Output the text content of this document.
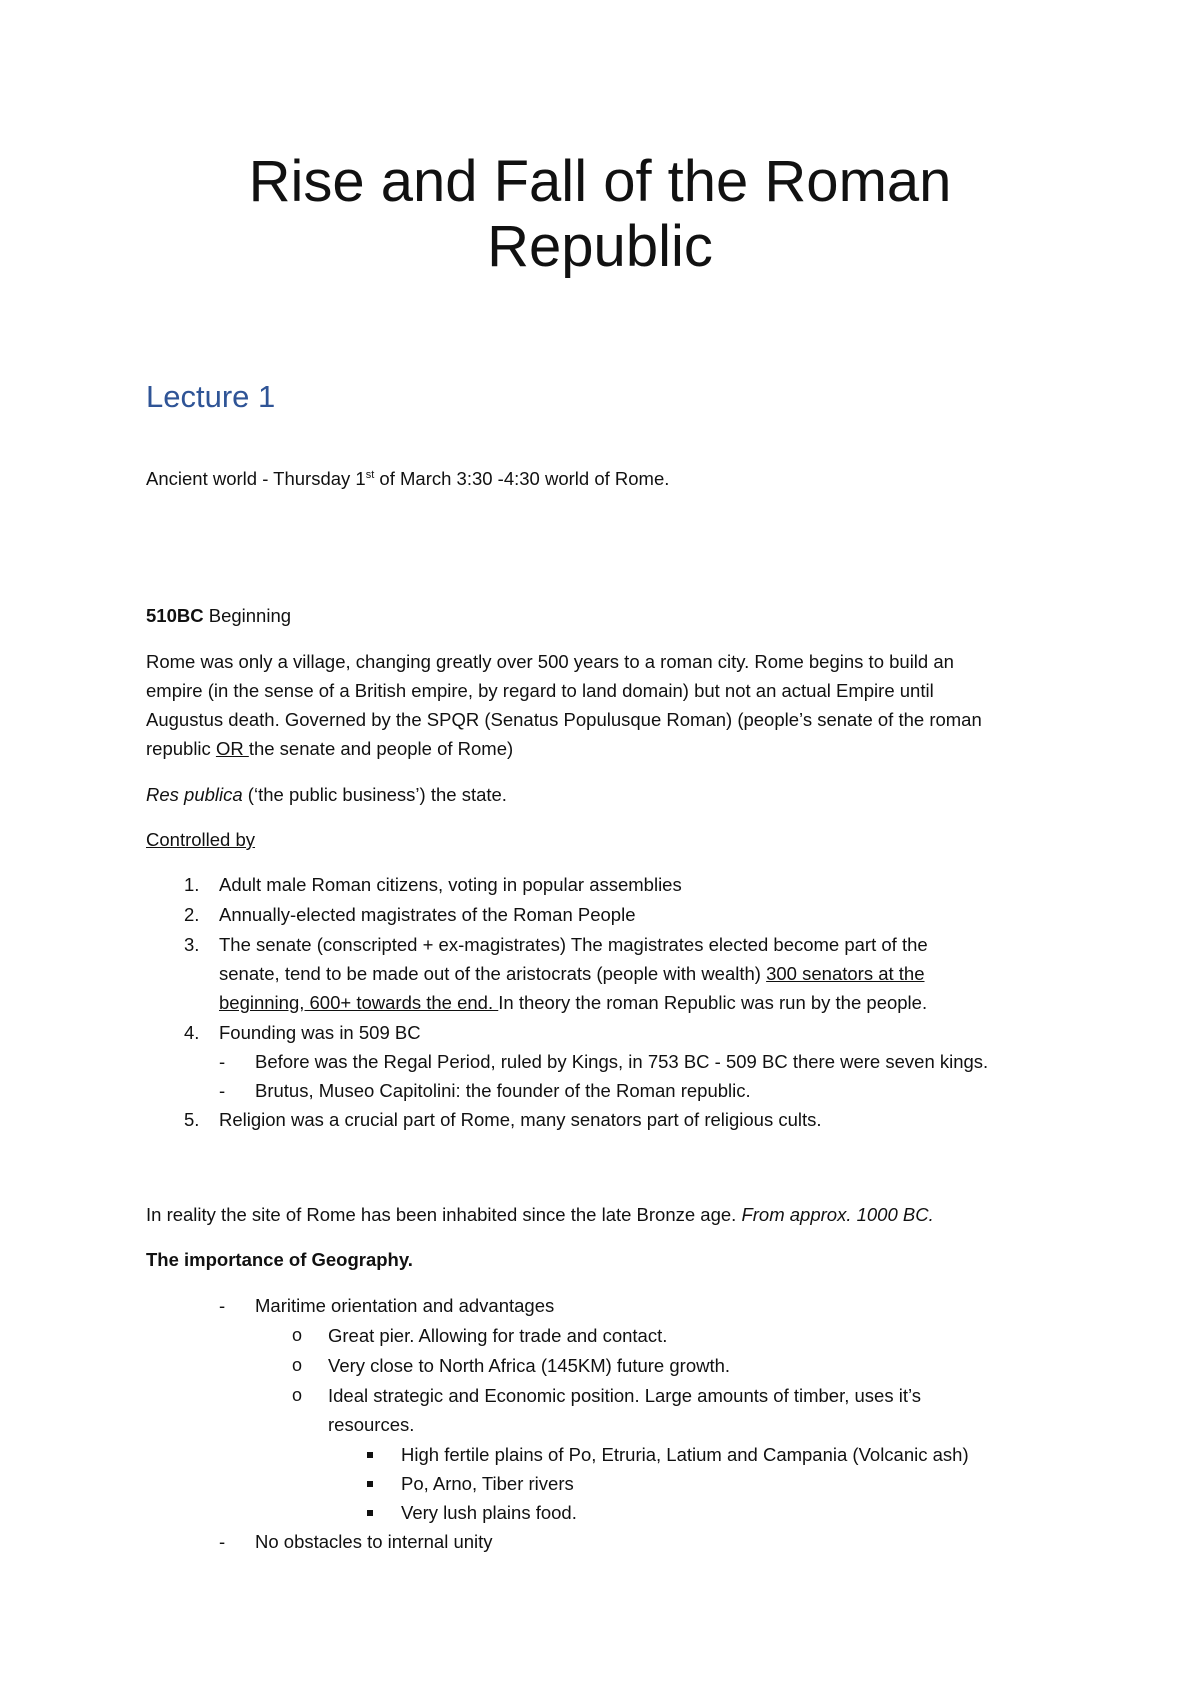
Rise and Fall of the Roman
Republic
Lecture 1

Ancient world - Thursday 1st of March 3:30 -4:30 world of Rome.

510BC Beginning

Rome was only a village, changing greatly over 500 years to a roman city. Rome begins to build an

empire (in the sense of a British empire, by regard to land domain) but not an actual Empire until

Augustus death. Governed by the SPQR (Senatus Populusque Roman) (people’s senate of the roman

republic OR the senate and people of Rome)

Res publica (‘the public business’) the state.

Controlled by

1.	Adult male Roman citizens, voting in popular assemblies
2.	Annually-elected magistrates of the Roman People
3.	The senate (conscripted + ex-magistrates) The magistrates elected become part of the
senate, tend to be made out of the aristocrats (people with wealth) 300 senators at the
beginning, 600+ towards the end. In theory the roman Republic was run by the people.
4.	Founding was in 509 BC
- Before was the Regal Period, ruled by Kings, in 753 BC - 509 BC there were seven kings.
- Brutus, Museo Capitolini: the founder of the Roman republic.
5.	Religion was a crucial part of Rome, many senators part of religious cults.

In reality the site of Rome has been inhabited since the late Bronze age. From approx. 1000 BC.

The importance of Geography.

- Maritime orientation and advantages
o Great pier. Allowing for trade and contact.
o Very close to North Africa (145KM) future growth.
o Ideal strategic and Economic position. Large amounts of timber, uses it’s
resources.
High fertile plains of Po, Etruria, Latium and Campania (Volcanic ash)
Po, Arno, Tiber rivers
Very lush plains food.
- No obstacles to internal unity
